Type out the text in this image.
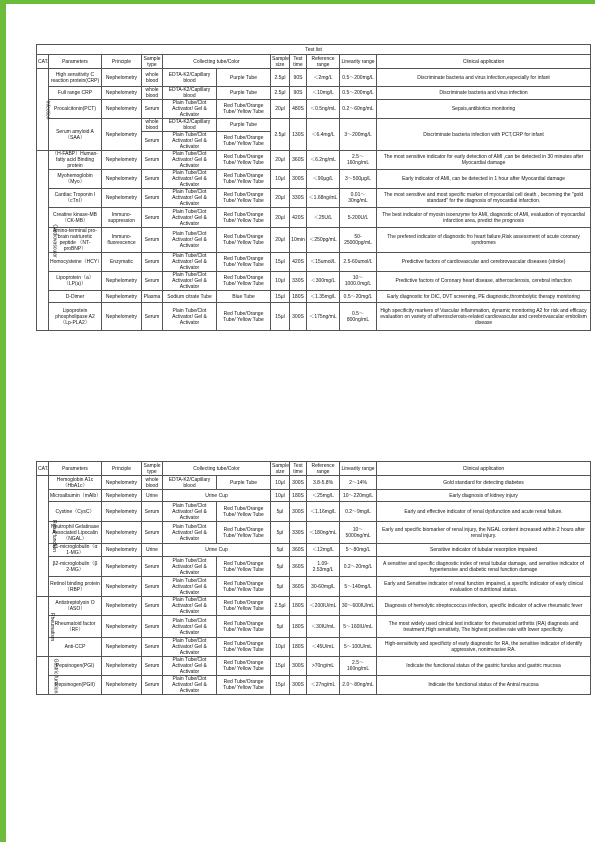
Test list										
CAT.	Parameters	Principle	Sample type	Collecting tube/Color		Sample size	Test time	Reference range	Linearity range	Clinical application
Infection	High sensitivity C reaction protein(CRP)	Nephelometry	whole blood	EDTA-K2/Capillary blood	Purple Tube	2.5μl	90S	＜2mg/L	0.5～200mg/L	Discriminate bacteria and virus infection,especially for infant
	Full range CRP	Nephelometry	whole blood	EDTA-K2/Capillary blood	Purple Tube	2.5μl	90S	＜10mg/L	0.5～200mg/L	Discriminate bacteria and virus infection
	Procalcitonin(PCT)	Nephelometry	Serum	Plain Tube/Clot Activator/ Gel & Activator	Red Tube/Orange Tube/ Yellow Tube	20μl	480S	＜0.5ng/mL	0.2～60ng/mL	Sepsis,antibiotics monitoring
	Serum amyloid A（SAA）	Nephelometry	whole blood	EDTA-K2/Capillary blood	Purple Tube	2.5μl	130S	＜6.4mg/L	3～200mg/L	Discriminate bacteria infection with PCT,CRP for infant
			Serum	Plain Tube/Clot Activator/ Gel & Activator	Red Tube/Orange Tube/ Yellow Tube					
Cardiovascular	（H-FABP）Human-fatty acid Binding protein	Nephelometry	Serum	Plain Tube/Clot Activator/ Gel & Activator	Red Tube/Orange Tube/ Yellow Tube	20μl	360S	＜6.2ng/mL	2.5～160ng/mL	The most sensitive indicator for early detection of AMI ,can be detected in 30 minutes after Myocardial damage
	Myohemoglobin（Myo）	Nephelometry	Serum	Plain Tube/Clot Activator/ Gel & Activator	Red Tube/Orange Tube/ Yellow Tube	10μl	300S	＜90μg/L	3～500μg/L	Early indicator of AMI, can be detected in 1 hour after Myocardial damage
	Cardiac Troponin I（cTnI）	Nephelometry	Serum	Plain Tube/Clot Activator/ Gel & Activator	Red Tube/Orange Tube/ Yellow Tube	20μl	330S	＜1.68ng/mL	0.01～30ng/mL	The most sensitive and most specific marker of myocardial cell death , becoming the "gold standard" for the diagnosis of myocardial infarction.
	Creatine kinase-MB（CK-MB）	Immuno-suppression	Serum	Plain Tube/Clot Activator/ Gel & Activator	Red Tube/Orange Tube/ Yellow Tube	20μl	420S	＜25U/L	5-200U/L	The best indicator of myosin isoenzyme for AMI, diagnostic of AMI, evaluation of myocardial infarction area, predict the prognosis
	Amino-terminal pro-brain natriuretic peptide （NT-proBNP）	Immuno-fluorescence	Serum	Plain Tube/Clot Activator/ Gel & Activator	Red Tube/Orange Tube/ Yellow Tube	20μl	10min	＜250pg/mL	50-25000pg/mL	The prefered indicator of diagnostic fro heart failure,Risk assessment of acute coronary syndromes
	Homocysteine（HCY）	Enzymatic	Serum	Plain Tube/Clot Activator/ Gel & Activator	Red Tube/Orange Tube/ Yellow Tube	15μl	420S	＜15umol/L	2.5-60umol/L	Predictive factors of cardiovascular and cerebrovascular diseases (stroke)
	Lipoprotein（a）（LP(a)）	Nephelometry	Serum	Plain Tube/Clot Activator/ Gel & Activator	Red Tube/Orange Tube/ Yellow Tube	10μl	330S	＜300mg/L	10～1000.0mg/L	Predictive factors of Coronary heart disease, atherosclerosis, cerebral infarction
	D-Dimer	Nephelometry	Plasma	Sodium citrate Tube	Blue Tube	15μl	180S	＜1.35mg/L	0.5～20mg/L	Early diagnostic for DIC, DVT screening, PE diagnostic,thrombolytic therapy monitoring
	Lipoprotein phospholipase A2（Lp-PLA2）	Nephelometry	Serum	Plain Tube/Clot Activator/ Gel & Activator	Red Tube/Orange Tube/ Yellow Tube	15μl	300S	＜175ng/mL	0.5～800ng/mL	High specificity markers of Vascular inflammation, dynamic monitoring A2 for risk and efficacy evaluation on variety of atherosclerosis-related cardiovascular and cerebrovascular embolism disease
CAT.	Parameters	Principle	Sample type	Collecting tube/Color		Sample size	Test time	Reference range	Linearity range	Clinical application
Renal function	Hemoglobin A1c（HbA1c）	Nephelometry	whole blood	EDTA-K2/Capillary blood	Purple Tube	10μl	300S	3.8-5.8%	2～14%	Gold standard for detecting diabetes
	Microalbumin（mAlb）	Nephelometry	Urine	Urine Cup		10μl	180S	＜25mg/L	10～220mg/L	Early diagnosis of kidney injury
	Cystine（CysC）	Nephelometry	Serum	Plain Tube/Clot Activator/ Gel & Activator	Red Tube/Orange Tube/ Yellow Tube	5μl	300S	＜1.16mg/L	0.2～9mg/L	Early and effective indicator of renal dysfunction and acute renal failure.
	Neutrophil Gelatinase Associated Lipocalin（NGAL）	Nephelometry	Serum	Plain Tube/Clot Activator/ Gel & Activator	Red Tube/Orange Tube/ Yellow Tube	5μl	330S	＜180ng/mL	10～5000ng/mL	Early and specific biomarker of renal injury, the NGAL content increased within 2 hours after renal injury.
	α1-microglobulin（α 1-MG）	Nephelometry	Urine	Urine Cup		5μl	360S	＜12mg/L	5～80mg/L	Sensitive indicator of tubular resorption impaired
	β2-microglobulin（β 2-MG）	Nephelometry	Serum	Plain Tube/Clot Activator/ Gel & Activator	Red Tube/Orange Tube/ Yellow Tube	5μl	360S	1.09-2.53mg/L	0.2～20mg/L	A sensitive and specific diagnostic index of renal tubular damage, and sensitive indicator of hypertensive and diabetic renal function damage
	Retinol binding protein（RBP）	Nephelometry	Serum	Plain Tube/Clot Activator/ Gel & Activator	Red Tube/Orange Tube/ Yellow Tube	5μl	360S	30-60mg/L	5～140mg/L	Early and Sensitive indicator of renal function impaired, a specific indicator of early clinical evaluation of nutritional status.
Rheumatism	Antistreptolysin O（ASO）	Nephelometry	Serum	Plain Tube/Clot Activator/ Gel & Activator	Red Tube/Orange Tube/ Yellow Tube	2.5μl	180S	＜200IU/mL	30～600IU/mL	Diagnosis of hemolytic streptococcus infection, specific indicator of active rheumatic fever
	Rheumatoid factor（RF）	Nephelometry	Serum	Plain Tube/Clot Activator/ Gel & Activator	Red Tube/Orange Tube/ Yellow Tube	5μl	180S	＜30IU/mL	5～160IU/mL	The most widely used clinical test indicator for rheumatoid arthritis (RA) diagnosis and treatment,High sensitivity, The highest positive rate with lower specificity.
	Anti-CCP	Nephelometry	Serum	Plain Tube/Clot Activator/ Gel & Activator	Red Tube/Orange Tube/ Yellow Tube	10μl	180S	＜45U/mL	5～100U/mL	High-sensitivity and specificity of early diagnostic for RA, the sensitive indicator of identify aggressive, nonimvasive RA.
Gastric function	Pepsinogen(PGI)	Nephelometry	Serum	Plain Tube/Clot Activator/ Gel & Activator	Red Tube/Orange Tube/ Yellow Tube	15μl	300S	>70ng/mL	2.5～160ng/mL	Indicate the functional status of the gastric fundus and gastric mucosa
	Pepsinogen(PGII)	Nephelometry	Serum	Plain Tube/Clot Activator/ Gel & Activator	Red Tube/Orange Tube/ Yellow Tube	15μl	300S	＜27ng/mL	2.0～80ng/mL	Indicate the functional status of the Antral mucosa
